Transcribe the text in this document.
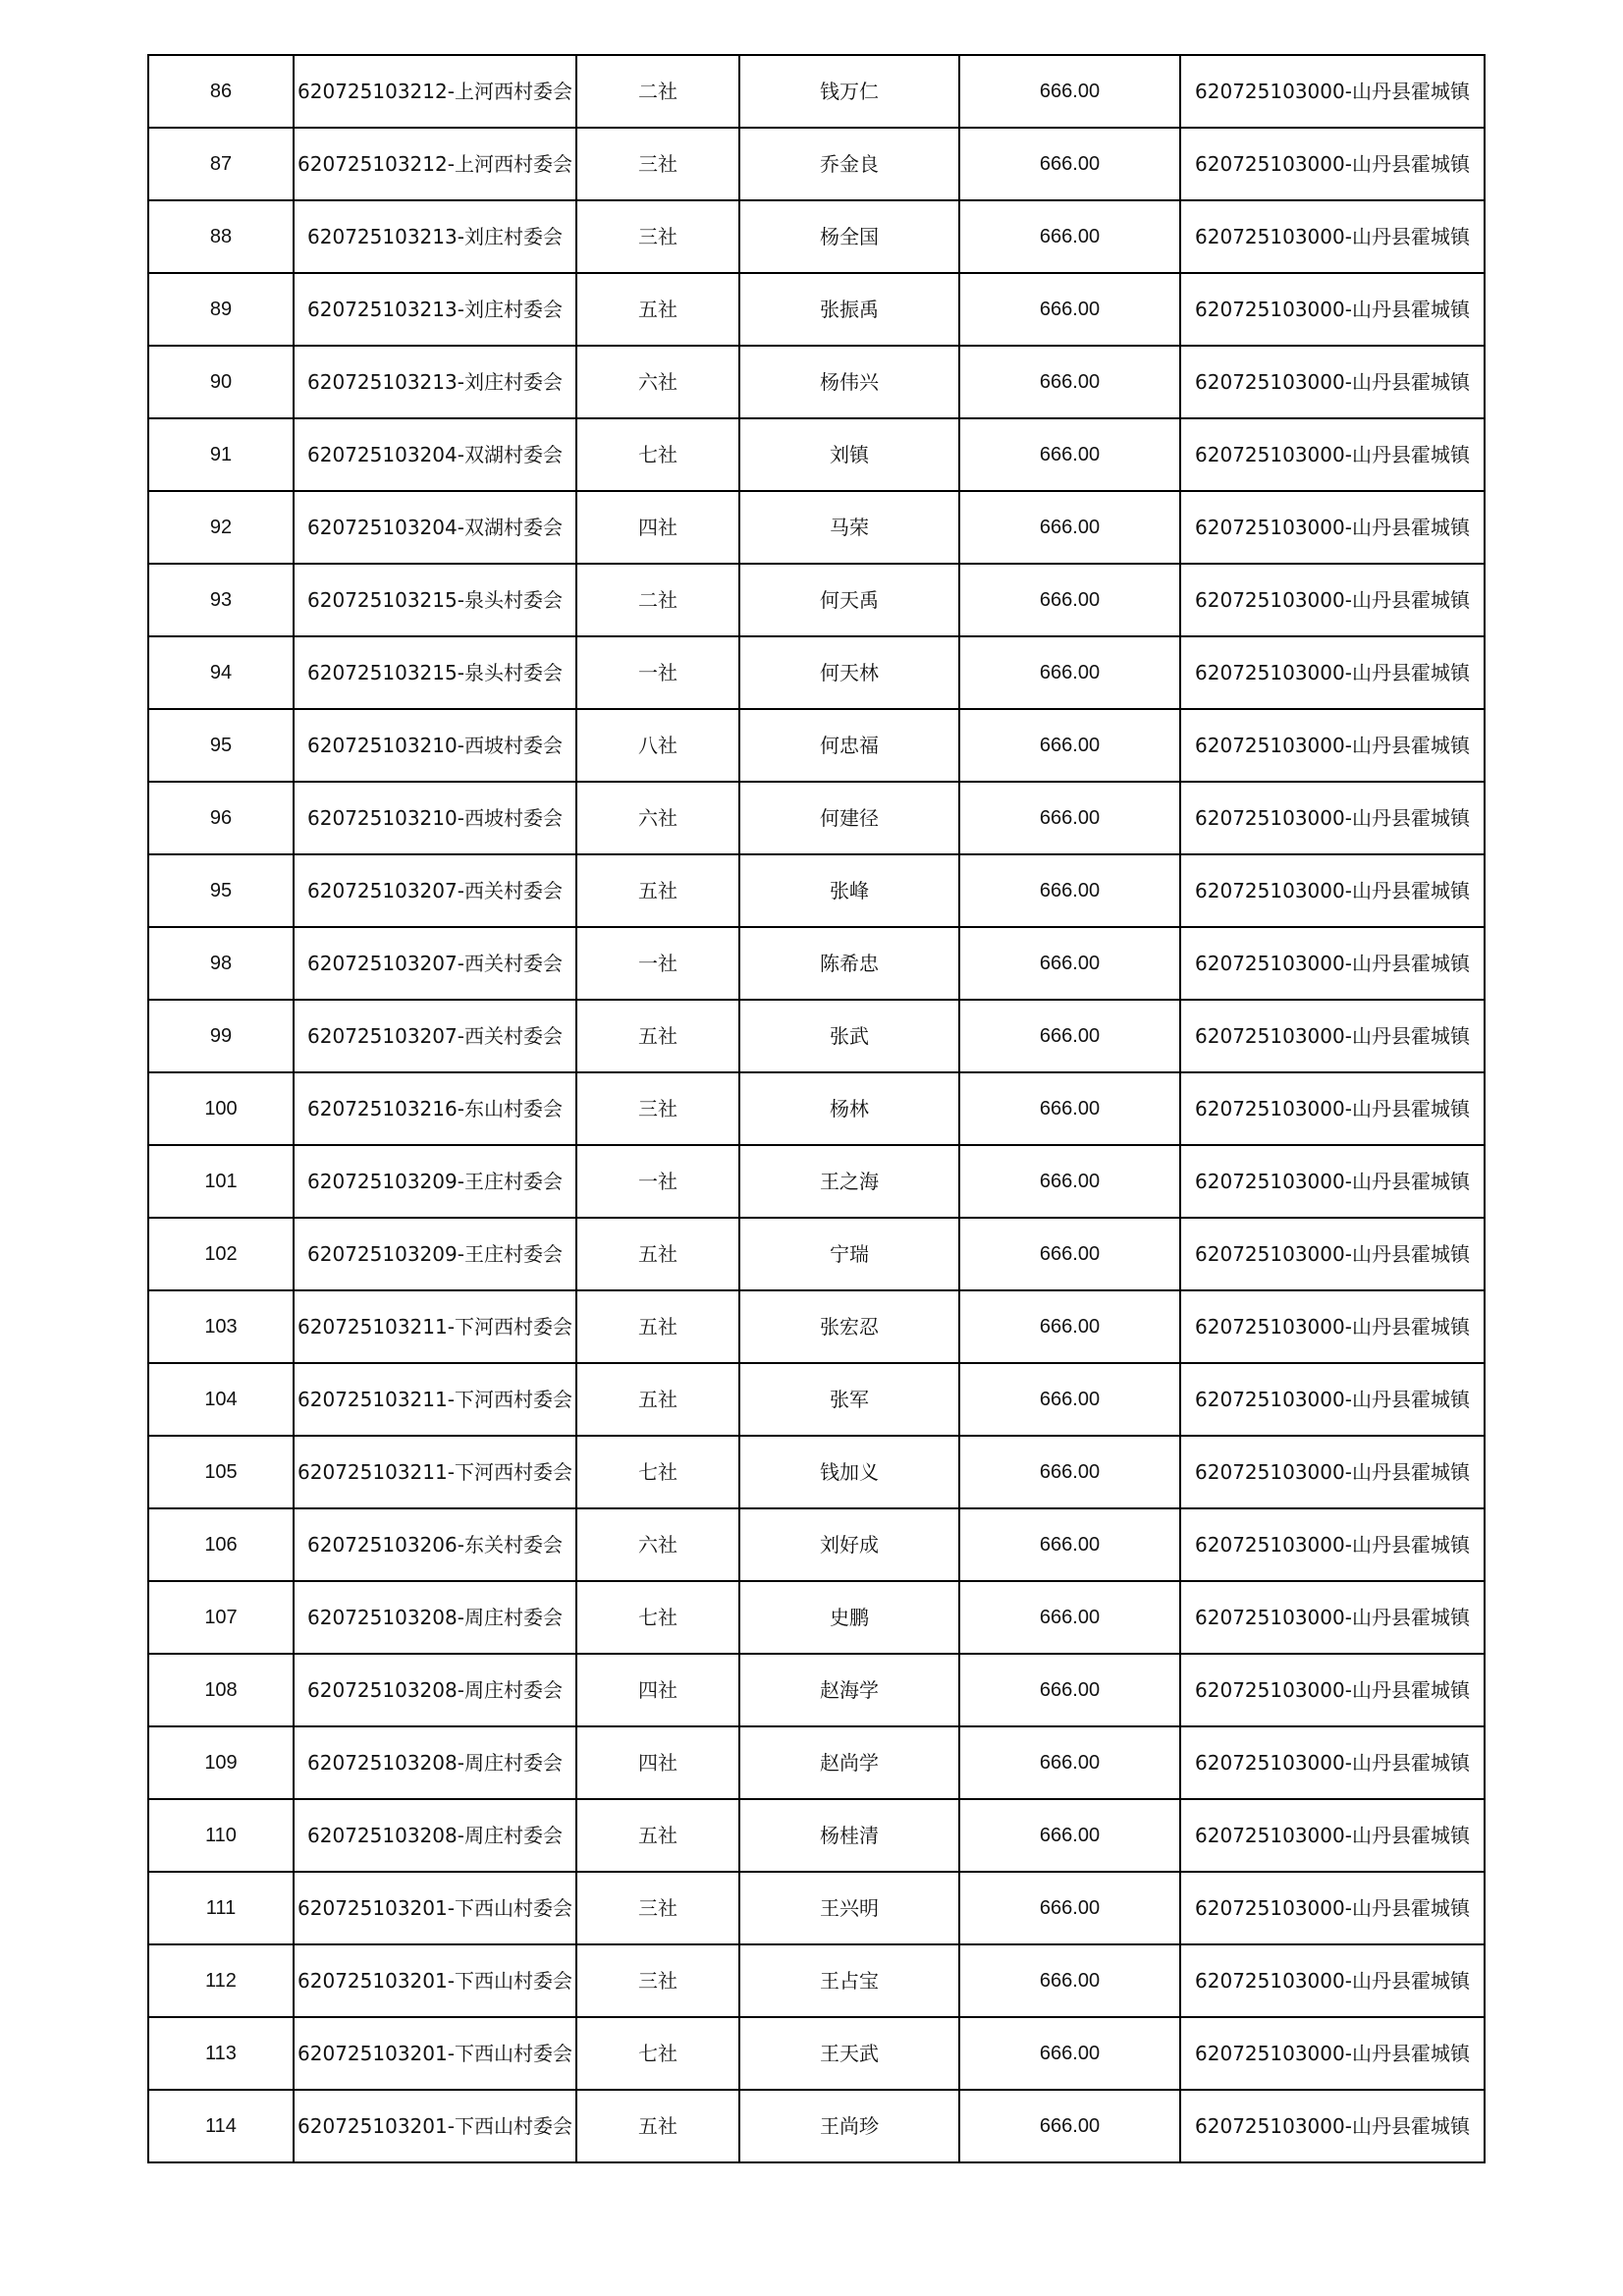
86	620725103212-上河西村委会	二社	钱万仁	666.00	620725103000-山丹县霍城镇
87	620725103212-上河西村委会	三社	乔金良	666.00	620725103000-山丹县霍城镇
88	620725103213-刘庄村委会	三社	杨全国	666.00	620725103000-山丹县霍城镇
89	620725103213-刘庄村委会	五社	张振禹	666.00	620725103000-山丹县霍城镇
90	620725103213-刘庄村委会	六社	杨伟兴	666.00	620725103000-山丹县霍城镇
91	620725103204-双湖村委会	七社	刘镇	666.00	620725103000-山丹县霍城镇
92	620725103204-双湖村委会	四社	马荣	666.00	620725103000-山丹县霍城镇
93	620725103215-泉头村委会	二社	何天禹	666.00	620725103000-山丹县霍城镇
94	620725103215-泉头村委会	一社	何天林	666.00	620725103000-山丹县霍城镇
95	620725103210-西坡村委会	八社	何忠福	666.00	620725103000-山丹县霍城镇
96	620725103210-西坡村委会	六社	何建径	666.00	620725103000-山丹县霍城镇
95	620725103207-西关村委会	五社	张峰	666.00	620725103000-山丹县霍城镇
98	620725103207-西关村委会	一社	陈希忠	666.00	620725103000-山丹县霍城镇
99	620725103207-西关村委会	五社	张武	666.00	620725103000-山丹县霍城镇
100	620725103216-东山村委会	三社	杨林	666.00	620725103000-山丹县霍城镇
101	620725103209-王庄村委会	一社	王之海	666.00	620725103000-山丹县霍城镇
102	620725103209-王庄村委会	五社	宁瑞	666.00	620725103000-山丹县霍城镇
103	620725103211-下河西村委会	五社	张宏忍	666.00	620725103000-山丹县霍城镇
104	620725103211-下河西村委会	五社	张军	666.00	620725103000-山丹县霍城镇
105	620725103211-下河西村委会	七社	钱加义	666.00	620725103000-山丹县霍城镇
106	620725103206-东关村委会	六社	刘好成	666.00	620725103000-山丹县霍城镇
107	620725103208-周庄村委会	七社	史鹏	666.00	620725103000-山丹县霍城镇
108	620725103208-周庄村委会	四社	赵海学	666.00	620725103000-山丹县霍城镇
109	620725103208-周庄村委会	四社	赵尚学	666.00	620725103000-山丹县霍城镇
110	620725103208-周庄村委会	五社	杨桂清	666.00	620725103000-山丹县霍城镇
111	620725103201-下西山村委会	三社	王兴明	666.00	620725103000-山丹县霍城镇
112	620725103201-下西山村委会	三社	王占宝	666.00	620725103000-山丹县霍城镇
113	620725103201-下西山村委会	七社	王天武	666.00	620725103000-山丹县霍城镇
114	620725103201-下西山村委会	五社	王尚珍	666.00	620725103000-山丹县霍城镇
